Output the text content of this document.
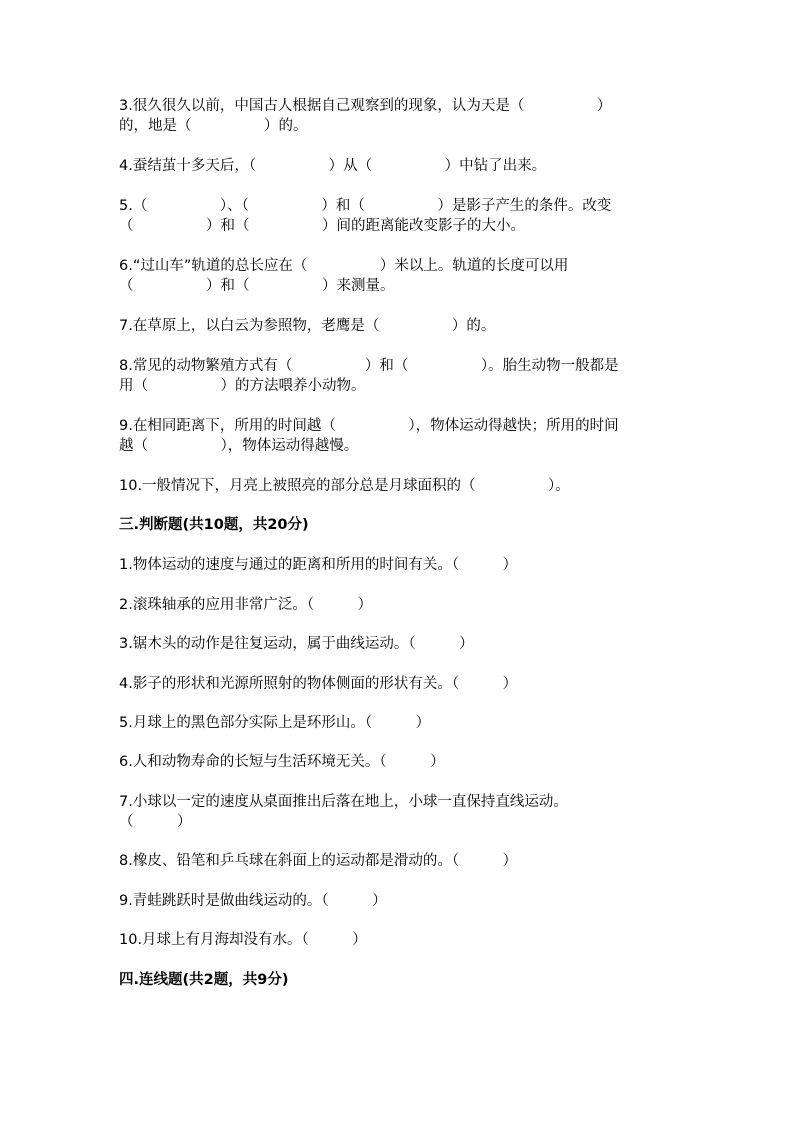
3.很久很久以前，中国古人根据自己观察到的现象，认为天是（　　　　　）
的，地是（　　　　　）的。
4.蚕结茧十多天后，（　　　　　）从（　　　　　）中钻了出来。
5.（　　　　　）、（　　　　　）和（　　　　　）是影子产生的条件。改变
（　　　　　）和（　　　　　）间的距离能改变影子的大小。
6.“过山车”轨道的总长应在（　　　　　）米以上。轨道的长度可以用
（　　　　　）和（　　　　　）来测量。
7.在草原上，以白云为参照物，老鹰是（　　　　　）的。
8.常见的动物繁殖方式有（　　　　　）和（　　　　　）。胎生动物一般都是
用（　　　　　）的方法喂养小动物。
9.在相同距离下，所用的时间越（　　　　　），物体运动得越快；所用的时间
越（　　　　　），物体运动得越慢。
10.一般情况下，月亮上被照亮的部分总是月球面积的（　　　　　）。
三.判断题(共10题，共20分)
1.物体运动的速度与通过的距离和所用的时间有关。（　　　）
2.滚珠轴承的应用非常广泛。（　　　）
3.锯木头的动作是往复运动，属于曲线运动。（　　　）
4.影子的形状和光源所照射的物体侧面的形状有关。（　　　）
5.月球上的黑色部分实际上是环形山。（　　　）
6.人和动物寿命的长短与生活环境无关。（　　　）
7.小球以一定的速度从桌面推出后落在地上，小球一直保持直线运动。
（　　　）
8.橡皮、铅笔和乒乓球在斜面上的运动都是滑动的。（　　　）
9.青蛙跳跃时是做曲线运动的。（　　　）
10.月球上有月海却没有水。（　　　）
四.连线题(共2题，共9分)
